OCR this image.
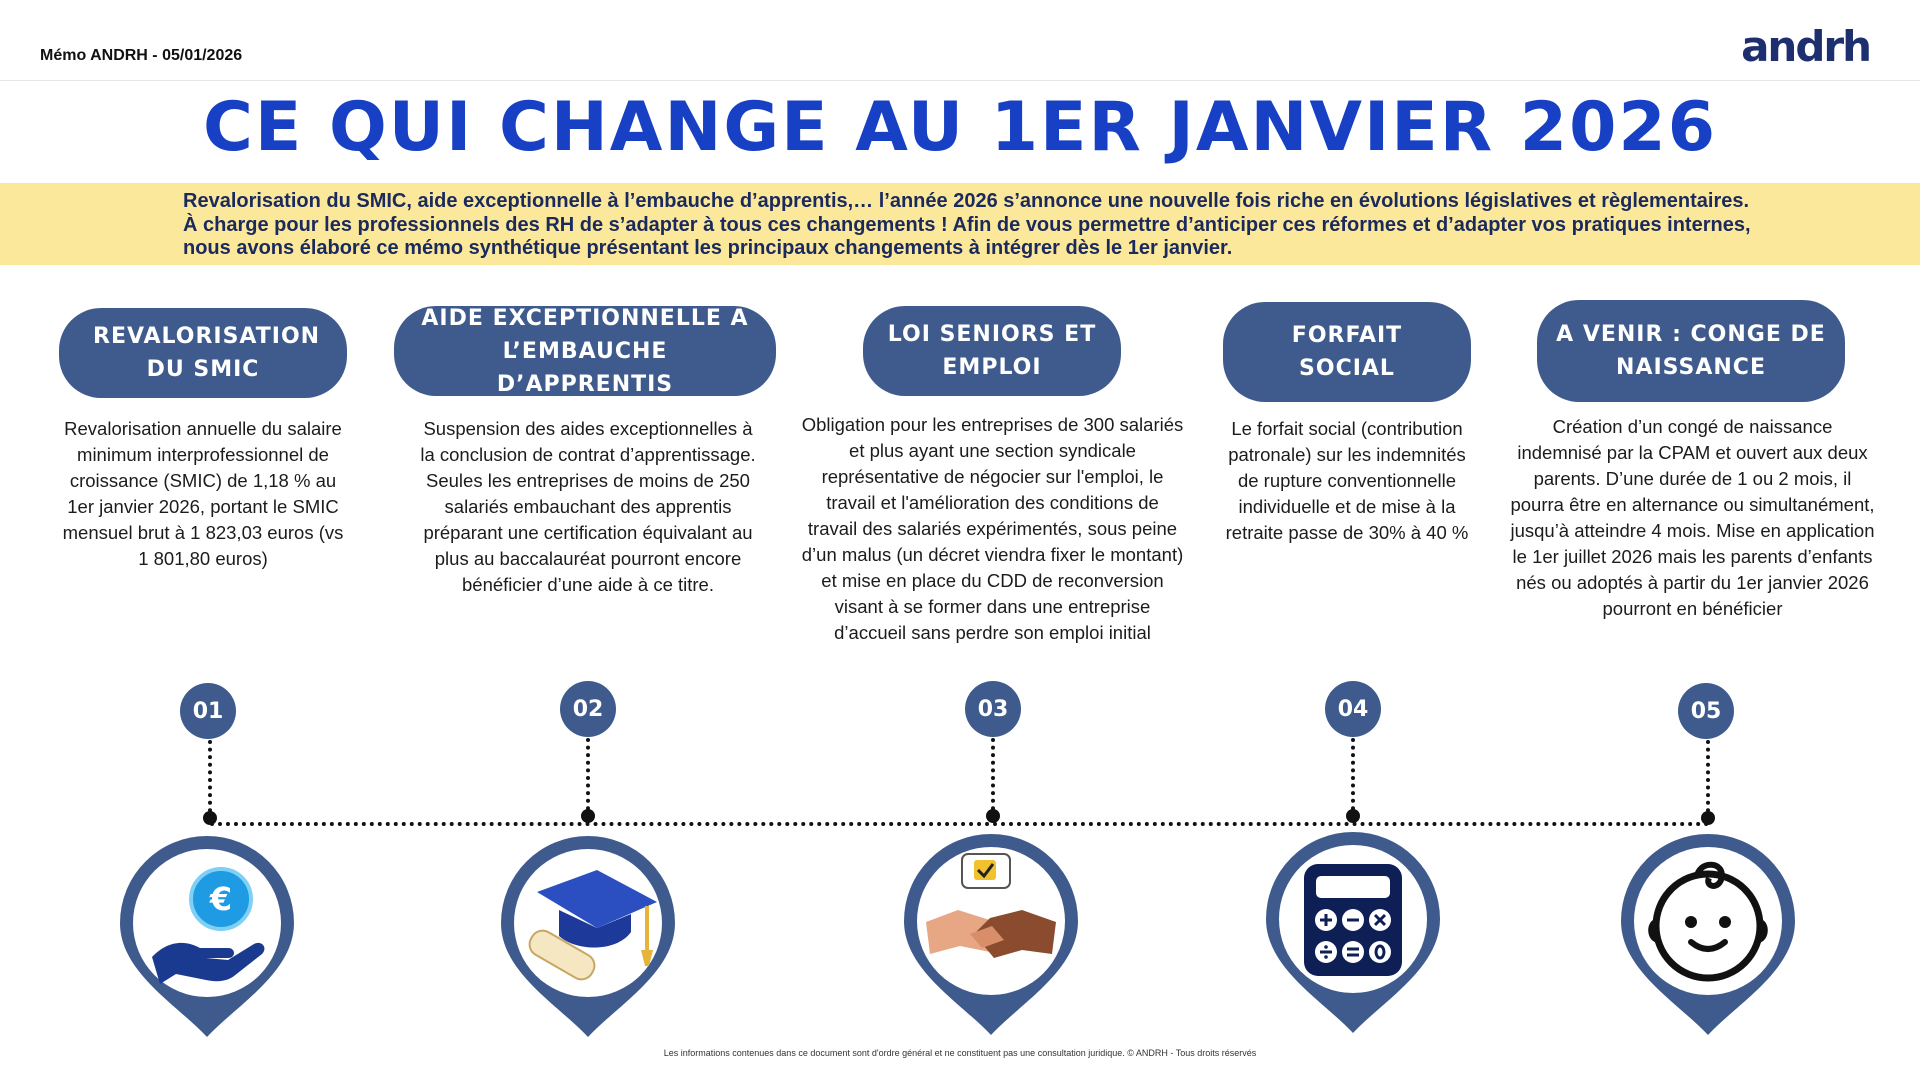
Mémo ANDRH - 05/01/2026	andrh
CE QUI CHANGE AU 1ER JANVIER 2026
Revalorisation du SMIC, aide exceptionnelle à l’embauche d’apprentis,… l’année 2026 s’annonce une nouvelle fois riche en évolutions législatives et règlementaires. À charge pour les professionnels des RH de s’adapter à tous ces changements ! Afin de vous permettre d’anticiper ces réformes et d’adapter vos pratiques internes, nous avons élaboré ce mémo synthétique présentant les principaux changements à intégrer dès le 1er janvier.
REVALORISATION DU SMIC
Revalorisation annuelle du salaire minimum interprofessionnel de croissance (SMIC) de 1,18 % au 1er janvier 2026, portant le SMIC mensuel brut à 1 823,03 euros (vs 1 801,80 euros)
AIDE EXCEPTIONNELLE A L’EMBAUCHE D’APPRENTIS
Suspension des aides exceptionnelles à la conclusion de contrat d’apprentissage. Seules les entreprises de moins de 250 salariés embauchant des apprentis préparant une certification équivalant au plus au baccalauréat pourront encore bénéficier d’une aide à ce titre.
LOI SENIORS ET EMPLOI
Obligation pour les entreprises de 300 salariés et plus ayant une section syndicale représentative de négocier sur l'emploi, le travail et l'amélioration des conditions de travail des salariés expérimentés, sous peine d’un malus (un décret viendra fixer le montant) et mise en place du CDD de reconversion visant à se former dans une entreprise d’accueil sans perdre son emploi initial
FORFAIT SOCIAL
Le forfait social (contribution patronale) sur les indemnités de rupture conventionnelle individuelle et de mise à la retraite passe de 30% à 40 %
A VENIR : CONGE DE NAISSANCE
Création d’un congé de naissance indemnisé par la CPAM et ouvert aux deux parents. D’une durée de 1 ou 2 mois, il pourra être en alternance ou simultanément, jusqu’à atteindre 4 mois. Mise en application le 1er juillet 2026 mais les parents d’enfants nés ou adoptés à partir du 1er janvier 2026 pourront en bénéficier
01	02	03	04	05
€
Les informations contenues dans ce document sont d'ordre général et ne constituent pas une consultation juridique. © ANDRH - Tous droits réservés
